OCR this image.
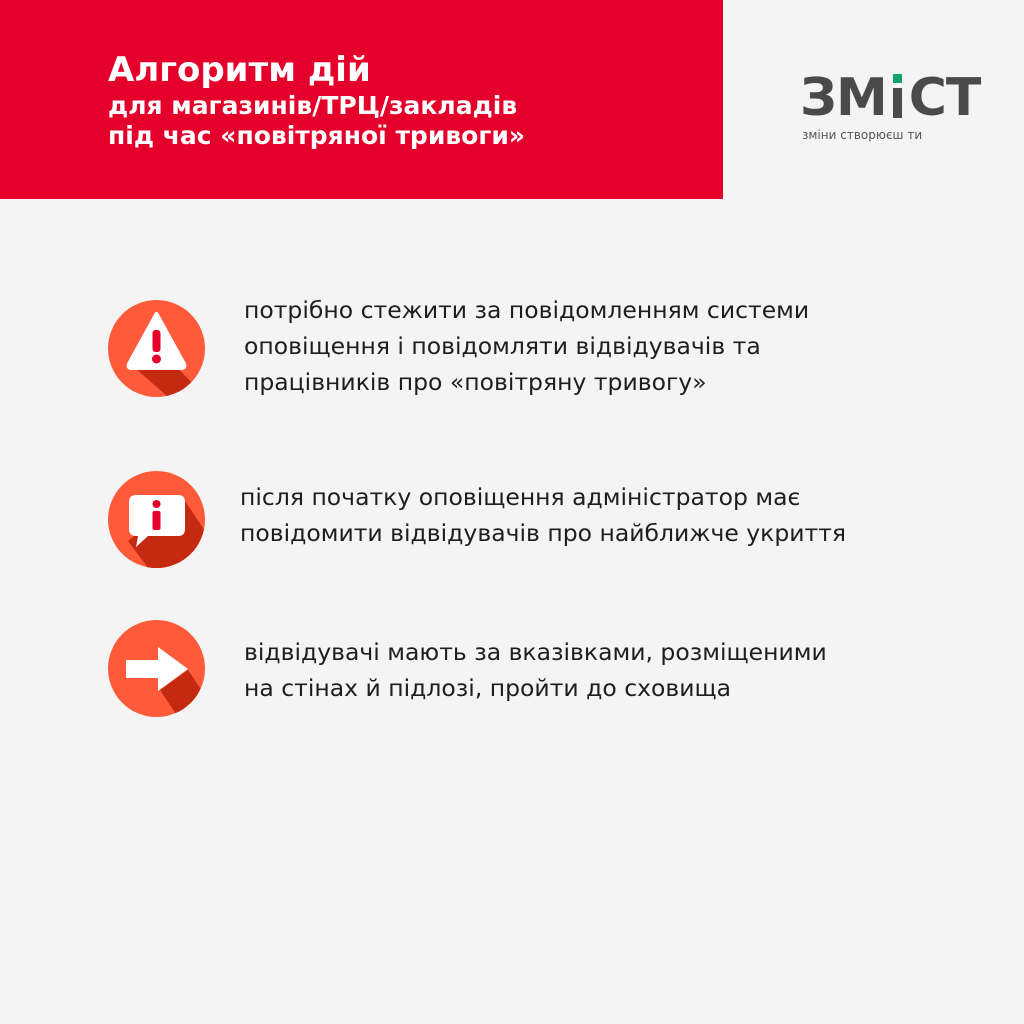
Алгоритм дій
для магазинів/ТРЦ/закладів
під час «повітряної тривоги»
ЗМ СТ
зміни створюєш ти

потрібно стежити за повідомленням системи
оповіщення і повідомляти відвідувачів та
працівників про «повітряну тривогу»

після початку оповіщення адміністратор має
повідомити відвідувачів про найближче укриття

відвідувачі мають за вказівками, розміщеними
на стінах й підлозі, пройти до сховища
